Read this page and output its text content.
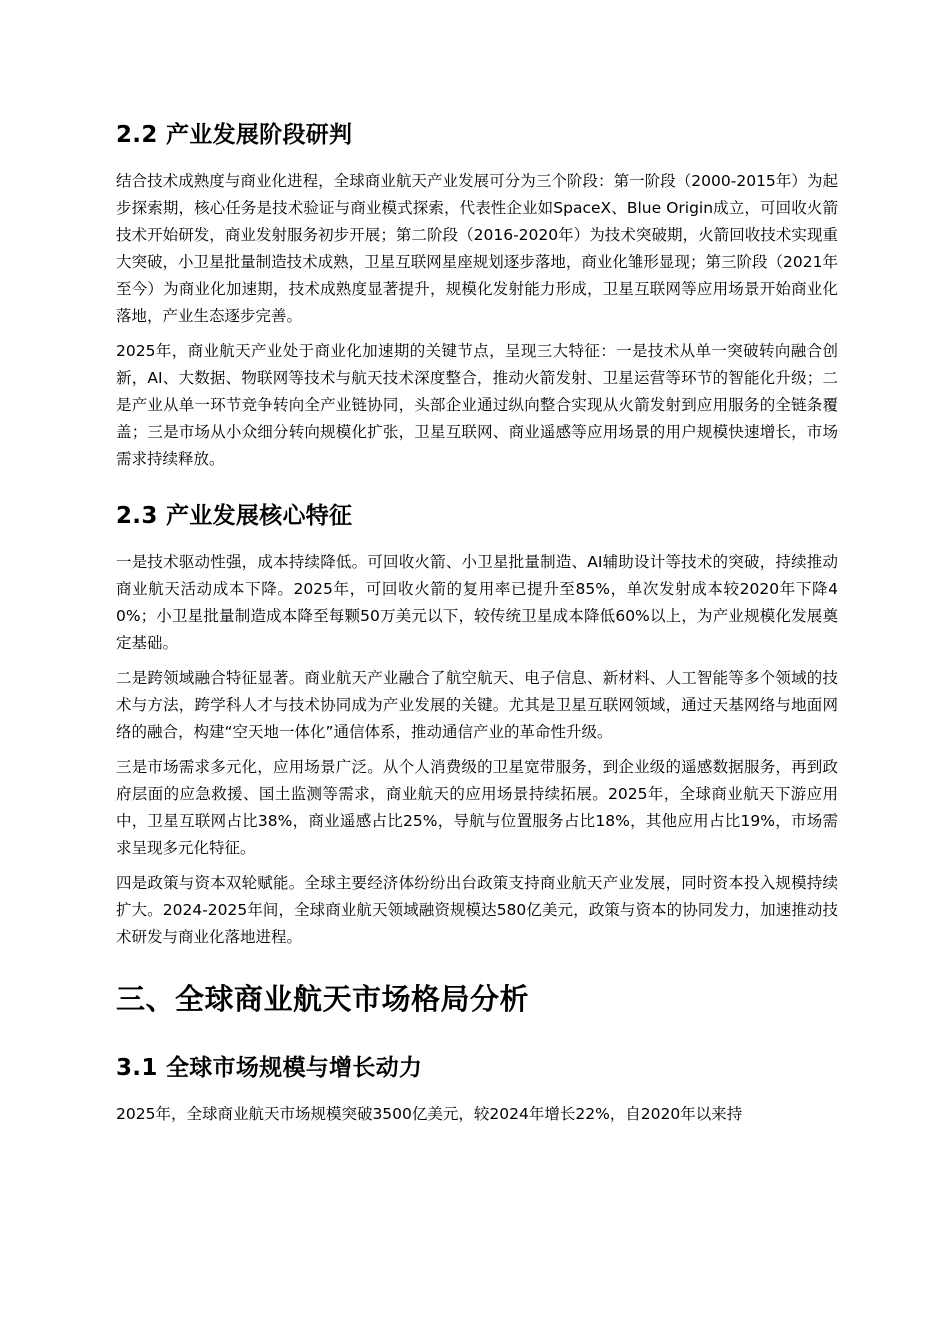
2.2 产业发展阶段研判

结合技术成熟度与商业化进程，全球商业航天产业发展可分为三个阶段：第一阶段（2000-2015年）为起步探索期，核心任务是技术验证与商业模式探索，代表性企业如SpaceX、Blue Origin成立，可回收火箭技术开始研发，商业发射服务初步开展；第二阶段（2016-2020年）为技术突破期，火箭回收技术实现重大突破，小卫星批量制造技术成熟，卫星互联网星座规划逐步落地，商业化雏形显现；第三阶段（2021年至今）为商业化加速期，技术成熟度显著提升，规模化发射能力形成，卫星互联网等应用场景开始商业化落地，产业生态逐步完善。

2025年，商业航天产业处于商业化加速期的关键节点，呈现三大特征：一是技术从单一突破转向融合创新，AI、大数据、物联网等技术与航天技术深度整合，推动火箭发射、卫星运营等环节的智能化升级；二是产业从单一环节竞争转向全产业链协同，头部企业通过纵向整合实现从火箭发射到应用服务的全链条覆盖；三是市场从小众细分转向规模化扩张，卫星互联网、商业遥感等应用场景的用户规模快速增长，市场需求持续释放。

2.3 产业发展核心特征

一是技术驱动性强，成本持续降低。可回收火箭、小卫星批量制造、AI辅助设计等技术的突破，持续推动商业航天活动成本下降。2025年，可回收火箭的复用率已提升至85%，单次发射成本较2020年下降40%；小卫星批量制造成本降至每颗50万美元以下，较传统卫星成本降低60%以上，为产业规模化发展奠定基础。

二是跨领域融合特征显著。商业航天产业融合了航空航天、电子信息、新材料、人工智能等多个领域的技术与方法，跨学科人才与技术协同成为产业发展的关键。尤其是卫星互联网领域，通过天基网络与地面网络的融合，构建“空天地一体化”通信体系，推动通信产业的革命性升级。

三是市场需求多元化，应用场景广泛。从个人消费级的卫星宽带服务，到企业级的遥感数据服务，再到政府层面的应急救援、国土监测等需求，商业航天的应用场景持续拓展。2025年，全球商业航天下游应用中，卫星互联网占比38%，商业遥感占比25%，导航与位置服务占比18%，其他应用占比19%，市场需求呈现多元化特征。

四是政策与资本双轮赋能。全球主要经济体纷纷出台政策支持商业航天产业发展，同时资本投入规模持续扩大。2024-2025年间，全球商业航天领域融资规模达580亿美元，政策与资本的协同发力，加速推动技术研发与商业化落地进程。

三、全球商业航天市场格局分析
3.1 全球市场规模与增长动力

2025年，全球商业航天市场规模突破3500亿美元，较2024年增长22%，自2020年以来持
